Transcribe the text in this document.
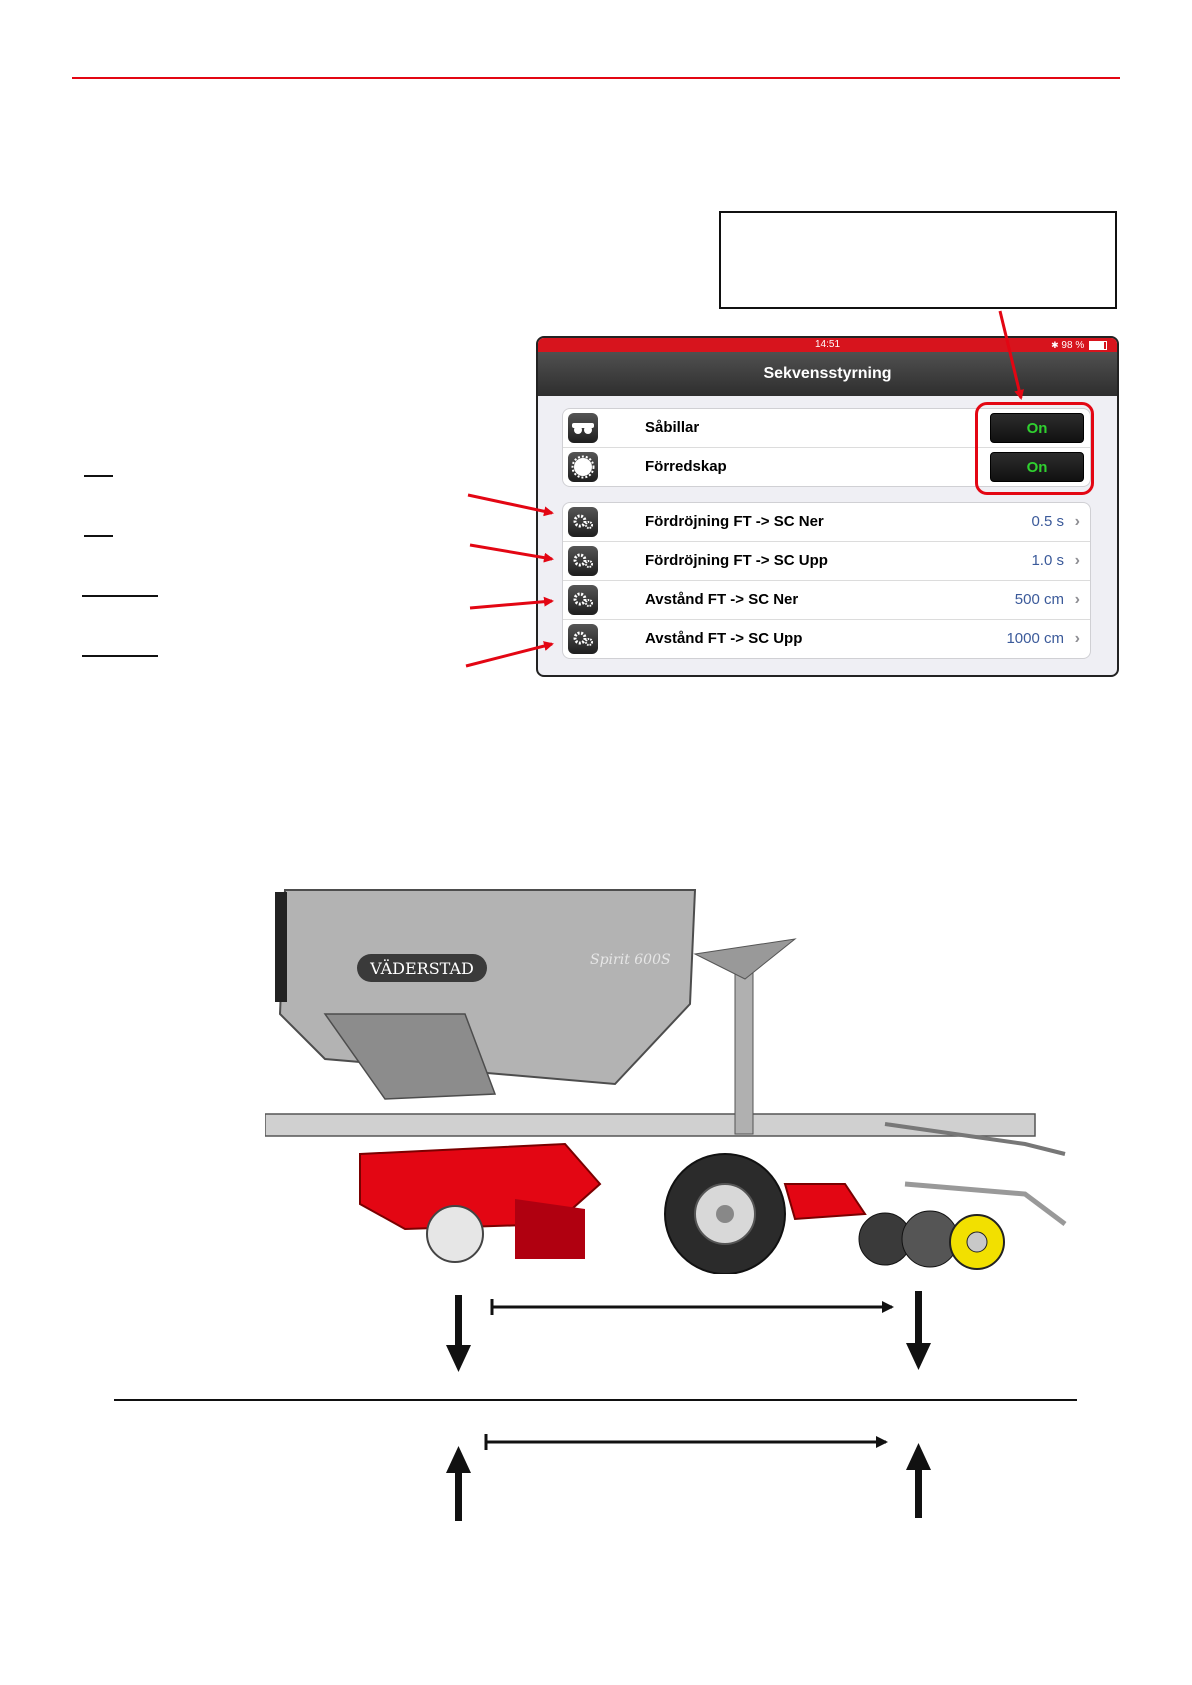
14:51	✱ 98 %
Sekvensstyrning
Såbillar	On
Förredskap	On
Fördröjning FT -> SC Ner	0.5 s ›
Fördröjning FT -> SC Upp	1.0 s ›
Avstånd FT -> SC Ner	500 cm ›
Avstånd FT -> SC Upp	1000 cm ›
VÄDERSTAD	Spirit 600S
